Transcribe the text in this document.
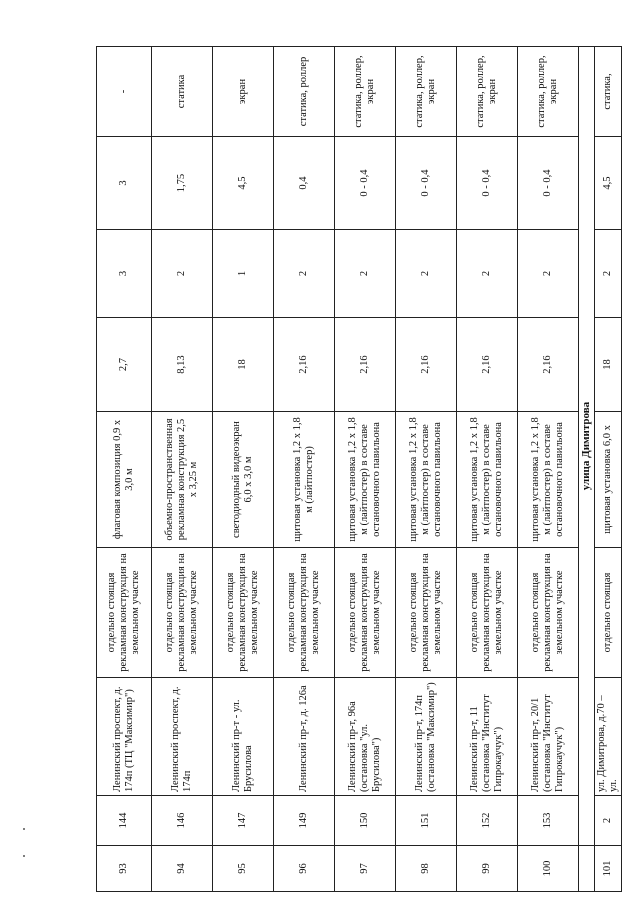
93	144	Ленинский проспект, д. 174п (ТЦ "Максимир")	отдельно стоящая рекламная конструкция на земельном участке	флаговая композиция 0,9 х 3,0 м	2,7	3	3	-
94	146	Ленинский проспект, д. 174п	отдельно стоящая рекламная конструкция на земельном участке	объемно-пространственная рекламная конструкция 2,5 х 3,25 м	8,13	2	1,75	статика
95	147	Ленинский пр-т - ул. Брусилова	отдельно стоящая рекламная конструкция на земельном участке	светодиодный видеоэкран 6,0 х 3,0 м	18	1	4,5	экран
96	149	Ленинский пр-т, д. 126а	отдельно стоящая рекламная конструкция на земельном участке	щитовая установка 1,2 х 1,8 м (лайтпостер)	2,16	2	0,4	статика, роллер
97	150	Ленинский пр-т, 96а (остановка "ул. Брусилова")	отдельно стоящая рекламная конструкция на земельном участке	щитовая установка 1,2 х 1,8 м (лайтпостер) в составе остановочного павильона	2,16	2	0 - 0,4	статика, роллер, экран
98	151	Ленинский пр-т, 174п (остановка "Максимир")	отдельно стоящая рекламная конструкция на земельном участке	щитовая установка 1,2 х 1,8 м (лайтпостер) в составе остановочного павильона	2,16	2	0 - 0,4	статика, роллер, экран
99	152	Ленинский пр-т, 11 (остановка "Институт Гипрокаучук")	отдельно стоящая рекламная конструкция на земельном участке	щитовая установка 1,2 х 1,8 м (лайтпостер) в составе остановочного павильона	2,16	2	0 - 0,4	статика, роллер, экран
100	153	Ленинский пр-т, 20/1 (остановка "Институт Гипрокаучук")	отдельно стоящая рекламная конструкция на земельном участке	щитовая установка 1,2 х 1,8 м (лайтпостер) в составе остановочного павильона	2,16	2	0 - 0,4	статика, роллер, экран
	улица Димитрова							
101	2	ул. Димитрова, д.70 – ул.	отдельно стоящая	щитовая установка 6,0 х	18	2	4,5	статика,
